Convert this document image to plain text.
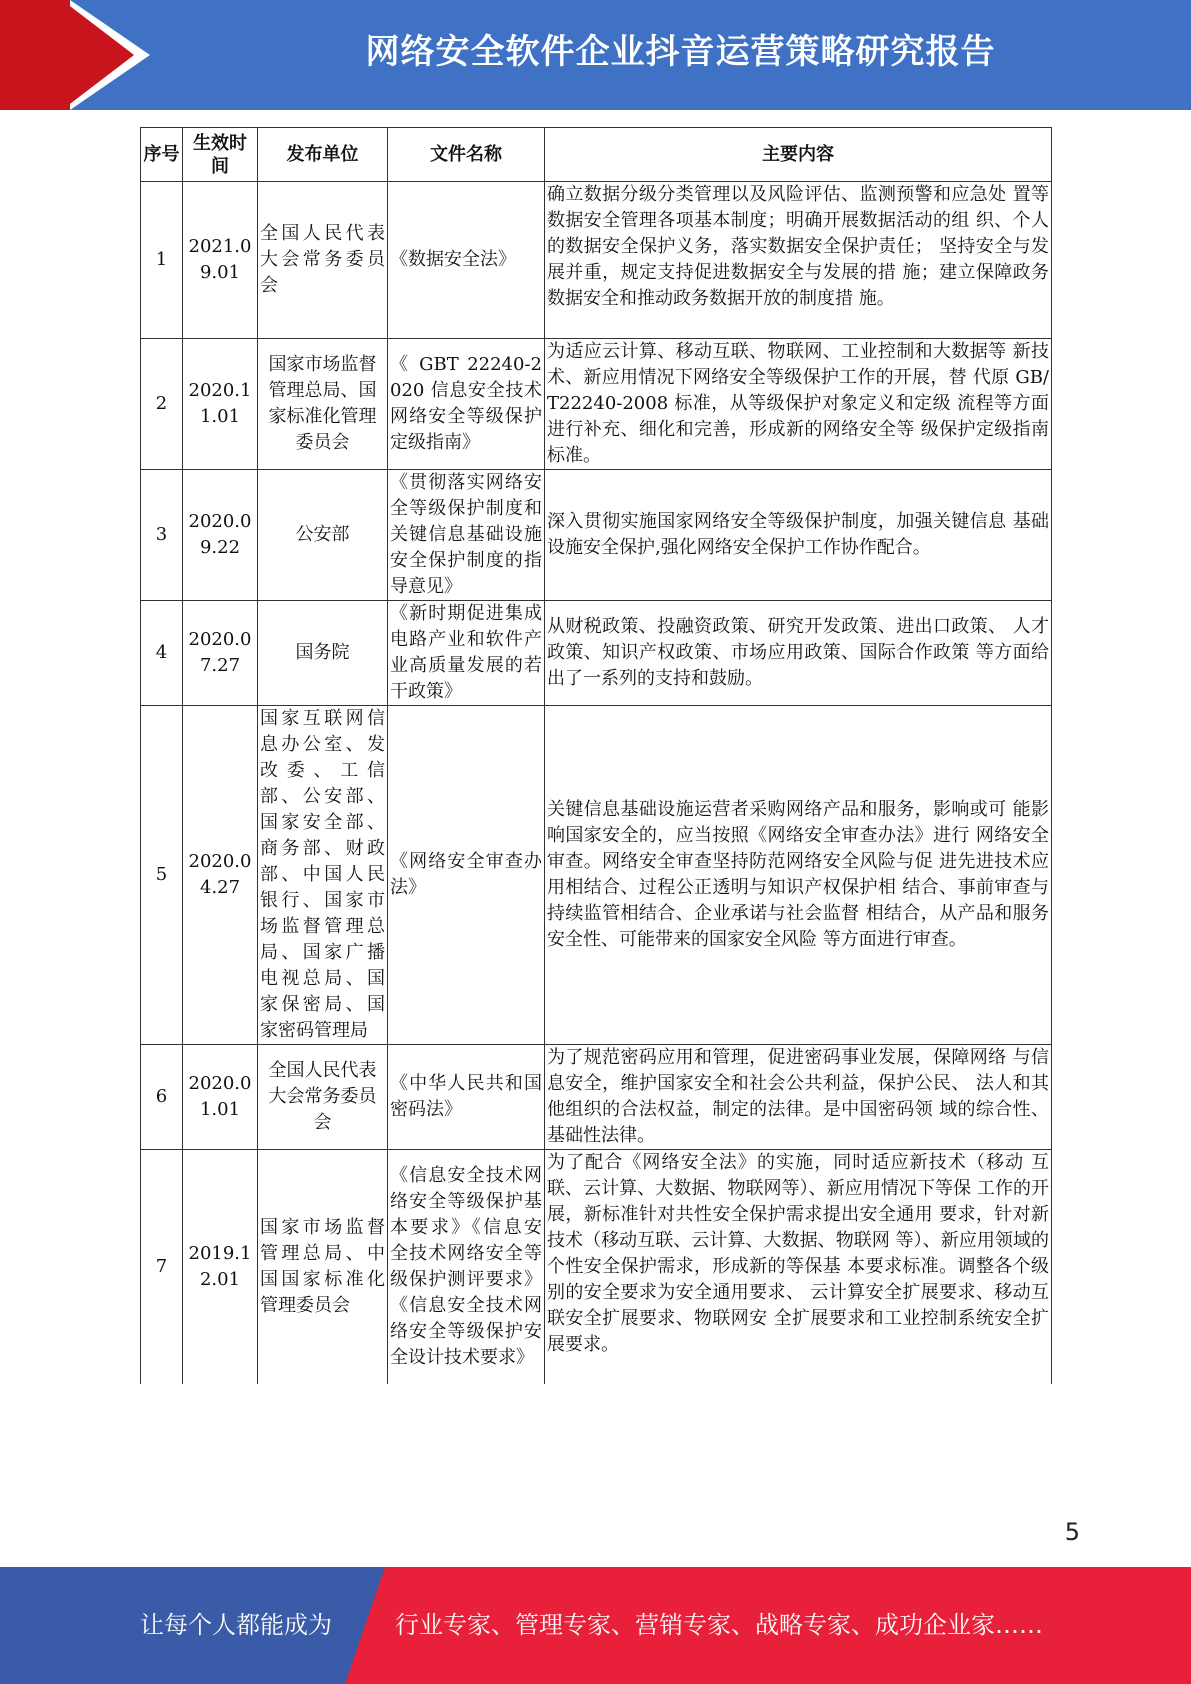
网络安全软件企业抖音运营策略研究报告
序号	生效时间	发布单位	文件名称	主要内容
1	2021.09.01	全国人民代表大会常务委员会	《数据安全法》	确立数据分级分类管理以及风险评估、监测预警和应急处 置等数据安全管理各项基本制度；明确开展数据活动的组 织、个人的数据安全保护义务，落实数据安全保护责任； 坚持安全与发展并重，规定支持促进数据安全与发展的措 施；建立保障政务数据安全和推动政务数据开放的制度措 施。
2	2020.11.01	国家市场监督管理总局、国家标准化管理委员会	《 GBT 22240-2020 信息安全技术网络安全等级保护定级指南》	为适应云计算、移动互联、物联网、工业控制和大数据等 新技术、新应用情况下网络安全等级保护工作的开展，替 代原 GB/T22240-2008 标准，从等级保护对象定义和定级 流程等方面进行补充、细化和完善，形成新的网络安全等 级保护定级指南标准。
3	2020.09.22	公安部	《贯彻落实网络安全等级保护制度和关键信息基础设施安全保护制度的指导意见》	深入贯彻实施国家网络安全等级保护制度，加强关键信息 基础设施安全保护,强化网络安全保护工作协作配合。
4	2020.07.27	国务院	《新时期促进集成电路产业和软件产业高质量发展的若干政策》	从财税政策、投融资政策、研究开发政策、进出口政策、 人才政策、知识产权政策、市场应用政策、国际合作政策 等方面给出了一系列的支持和鼓励。
5	2020.04.27	国家互联网信息办公室、发改委、工信部、公安部、国家安全部、商务部、财政部、中国人民银行、国家市场监督管理总局、国家广播电视总局、国家保密局、国家密码管理局	《网络安全审查办法》	关键信息基础设施运营者采购网络产品和服务，影响或可 能影响国家安全的，应当按照《网络安全审查办法》进行 网络安全审查。网络安全审查坚持防范网络安全风险与促 进先进技术应用相结合、过程公正透明与知识产权保护相 结合、事前审查与持续监管相结合、企业承诺与社会监督 相结合，从产品和服务安全性、可能带来的国家安全风险 等方面进行审查。
6	2020.01.01	全国人民代表大会常务委员会	《中华人民共和国密码法》	为了规范密码应用和管理，促进密码事业发展，保障网络 与信息安全，维护国家安全和社会公共利益，保护公民、 法人和其他组织的合法权益，制定的法律。是中国密码领 域的综合性、基础性法律。
7	2019.12.01	国家市场监督管理总局、中国国家标准化管理委员会	《信息安全技术网络安全等级保护基本要求》《信息安全技术网络安全等级保护测评要求》《信息安全技术网络安全等级保护安全设计技术要求》	为了配合《网络安全法》的实施，同时适应新技术（移动 互联、云计算、大数据、物联网等）、新应用情况下等保 工作的开展，新标准针对共性安全保护需求提出安全通用 要求，针对新技术（移动互联、云计算、大数据、物联网 等）、新应用领域的个性安全保护需求，形成新的等保基 本要求标准。调整各个级别的安全要求为安全通用要求、 云计算安全扩展要求、移动互联安全扩展要求、物联网安 全扩展要求和工业控制系统安全扩展要求。
5
让每个人都能成为	行业专家、管理专家、营销专家、战略专家、成功企业家……
